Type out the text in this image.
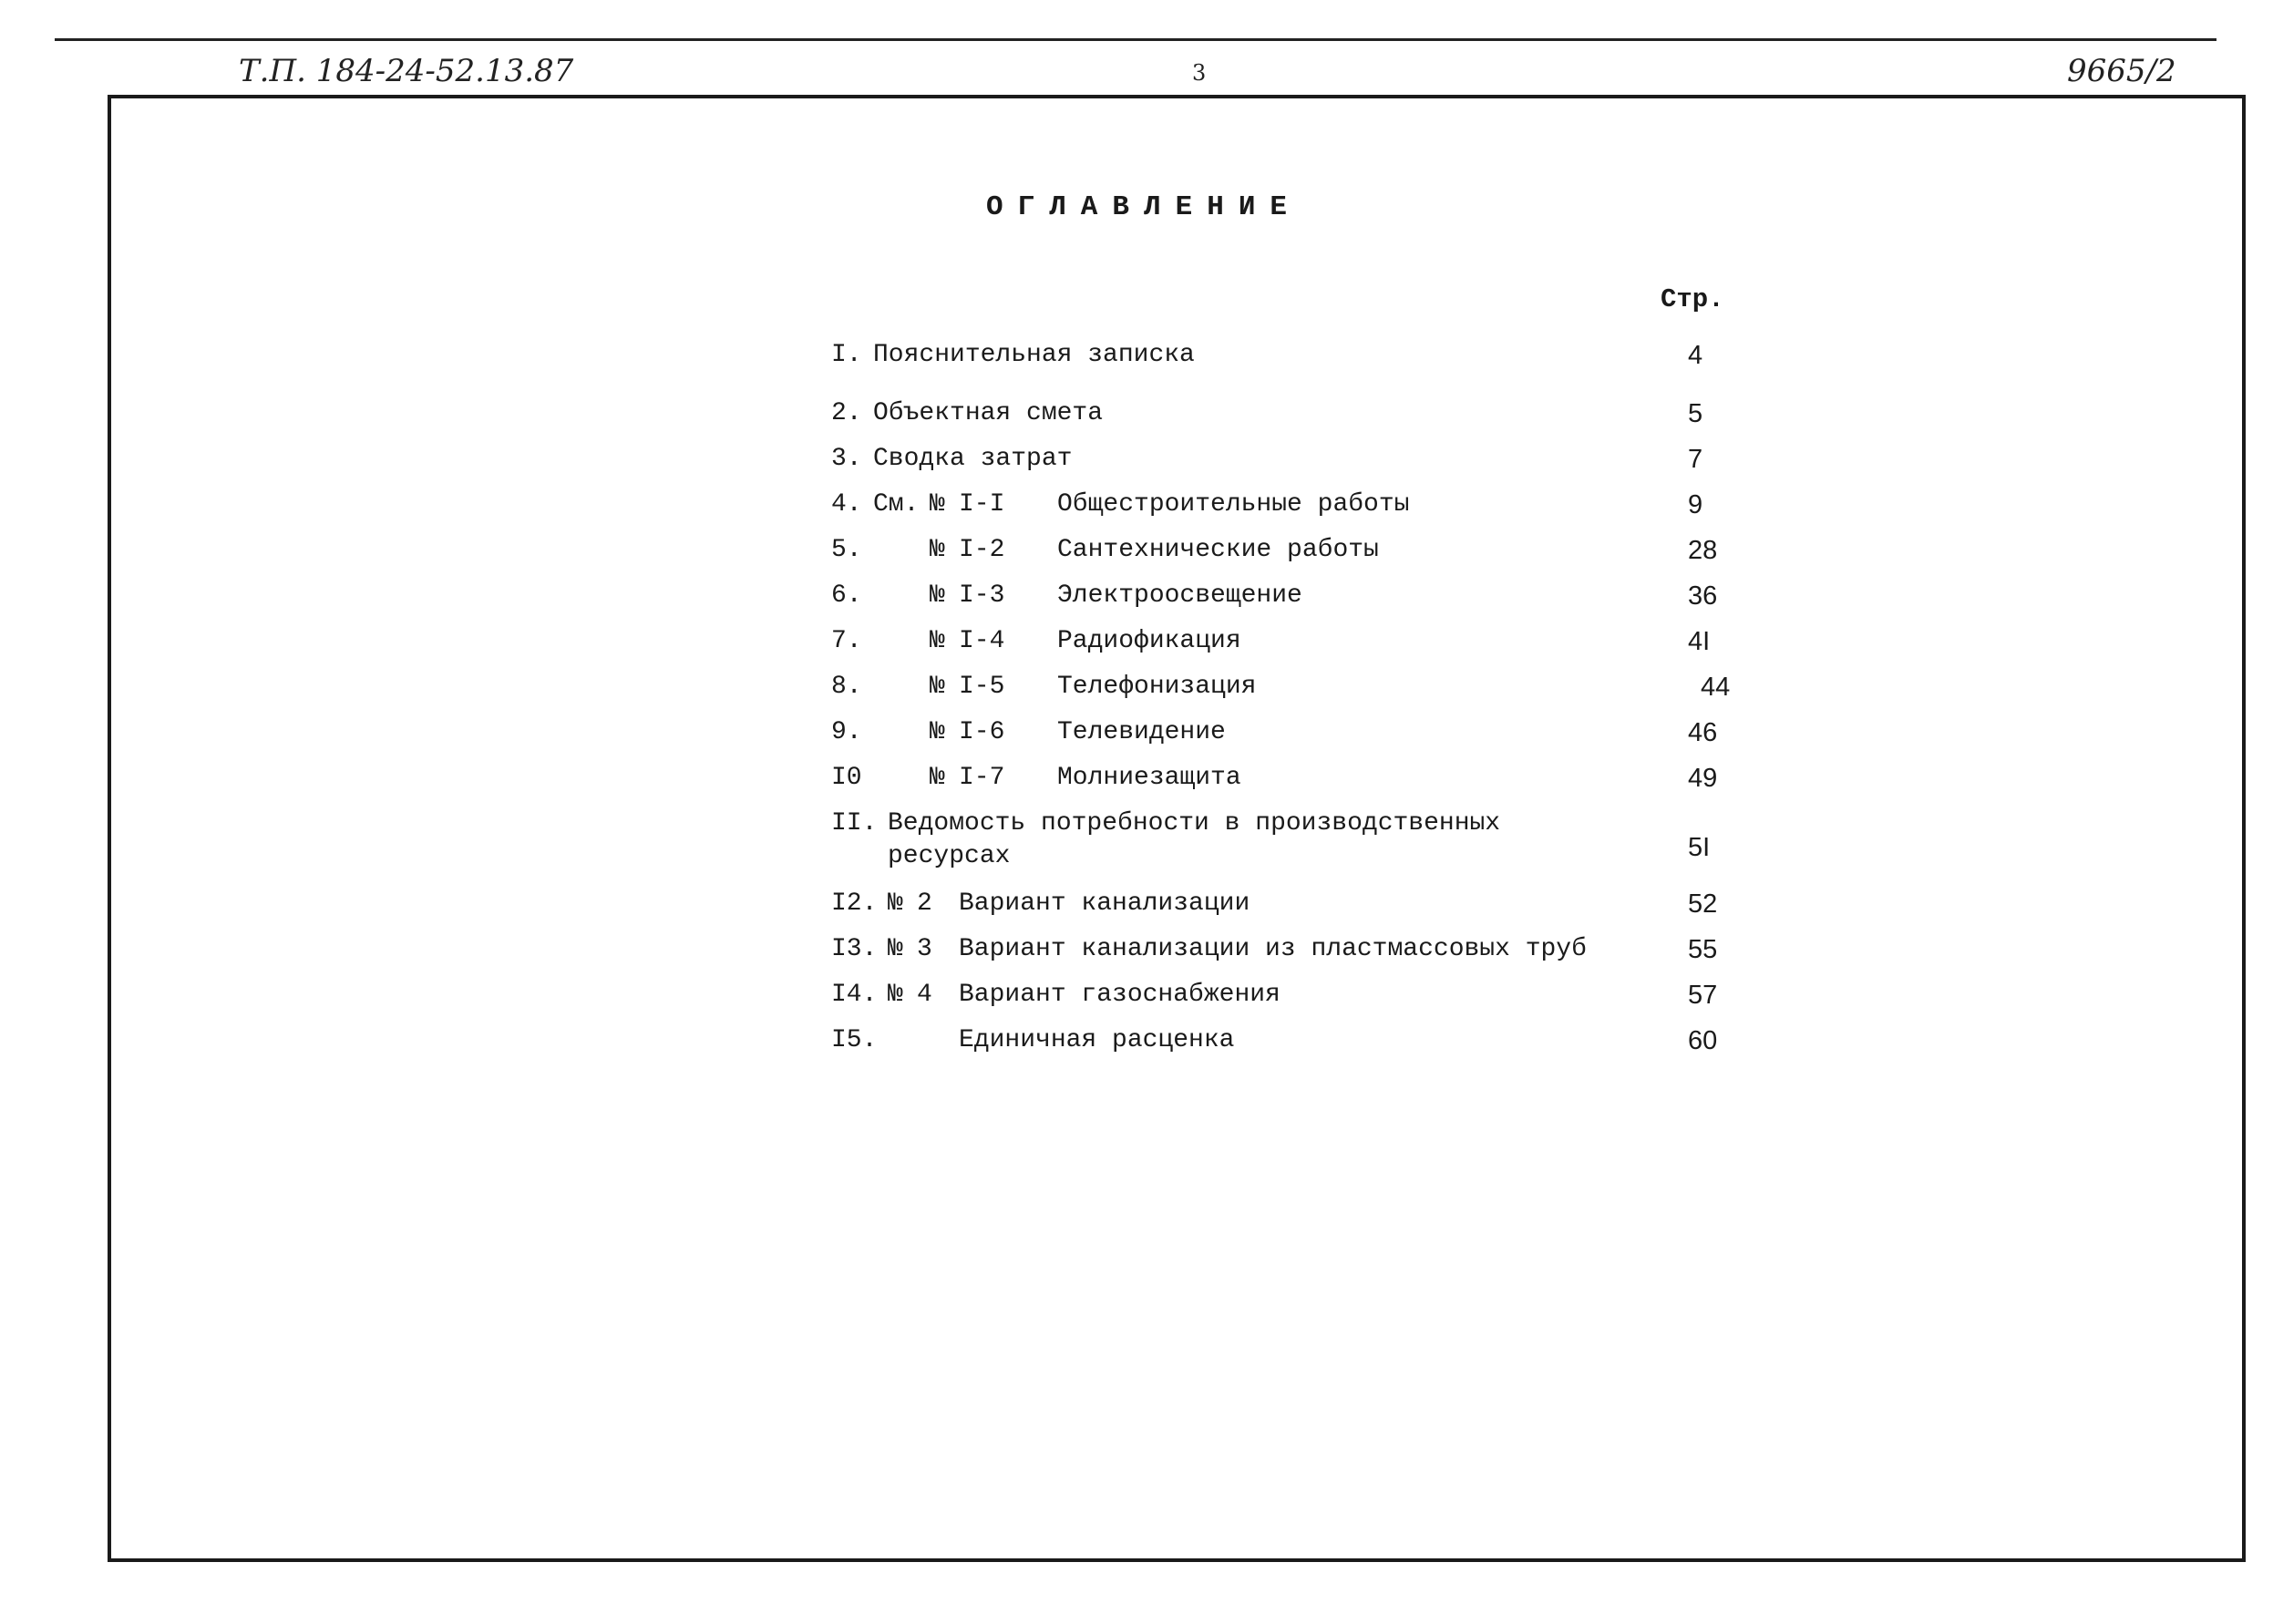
Т.П. 184-24-52.13.87	3	9665/2
ОГЛАВЛЕНИЕ
Стр.
I. Пояснительная записка	4
2. Объектная смета	5
3. Сводка затрат	7
4. См. № I-I Общестроительные работы	9
5.	№ I-2 Сантехнические работы	28
6.	№ I-3 Электроосвещение	36
7.	№ I-4 Радиофикация	4I
8.	№ I-5 Телефонизация	44
9.	№ I-6 Телевидение	46
I0	№ I-7 Молниезащита	49
II. Ведомость потребности в производственных
ресурсах	5I
I2. № 2 Вариант канализации	52
I3. № 3 Вариант канализации из пластмассовых труб	55
I4. № 4 Вариант газоснабжения	57
I5.	Единичная расценка	60
